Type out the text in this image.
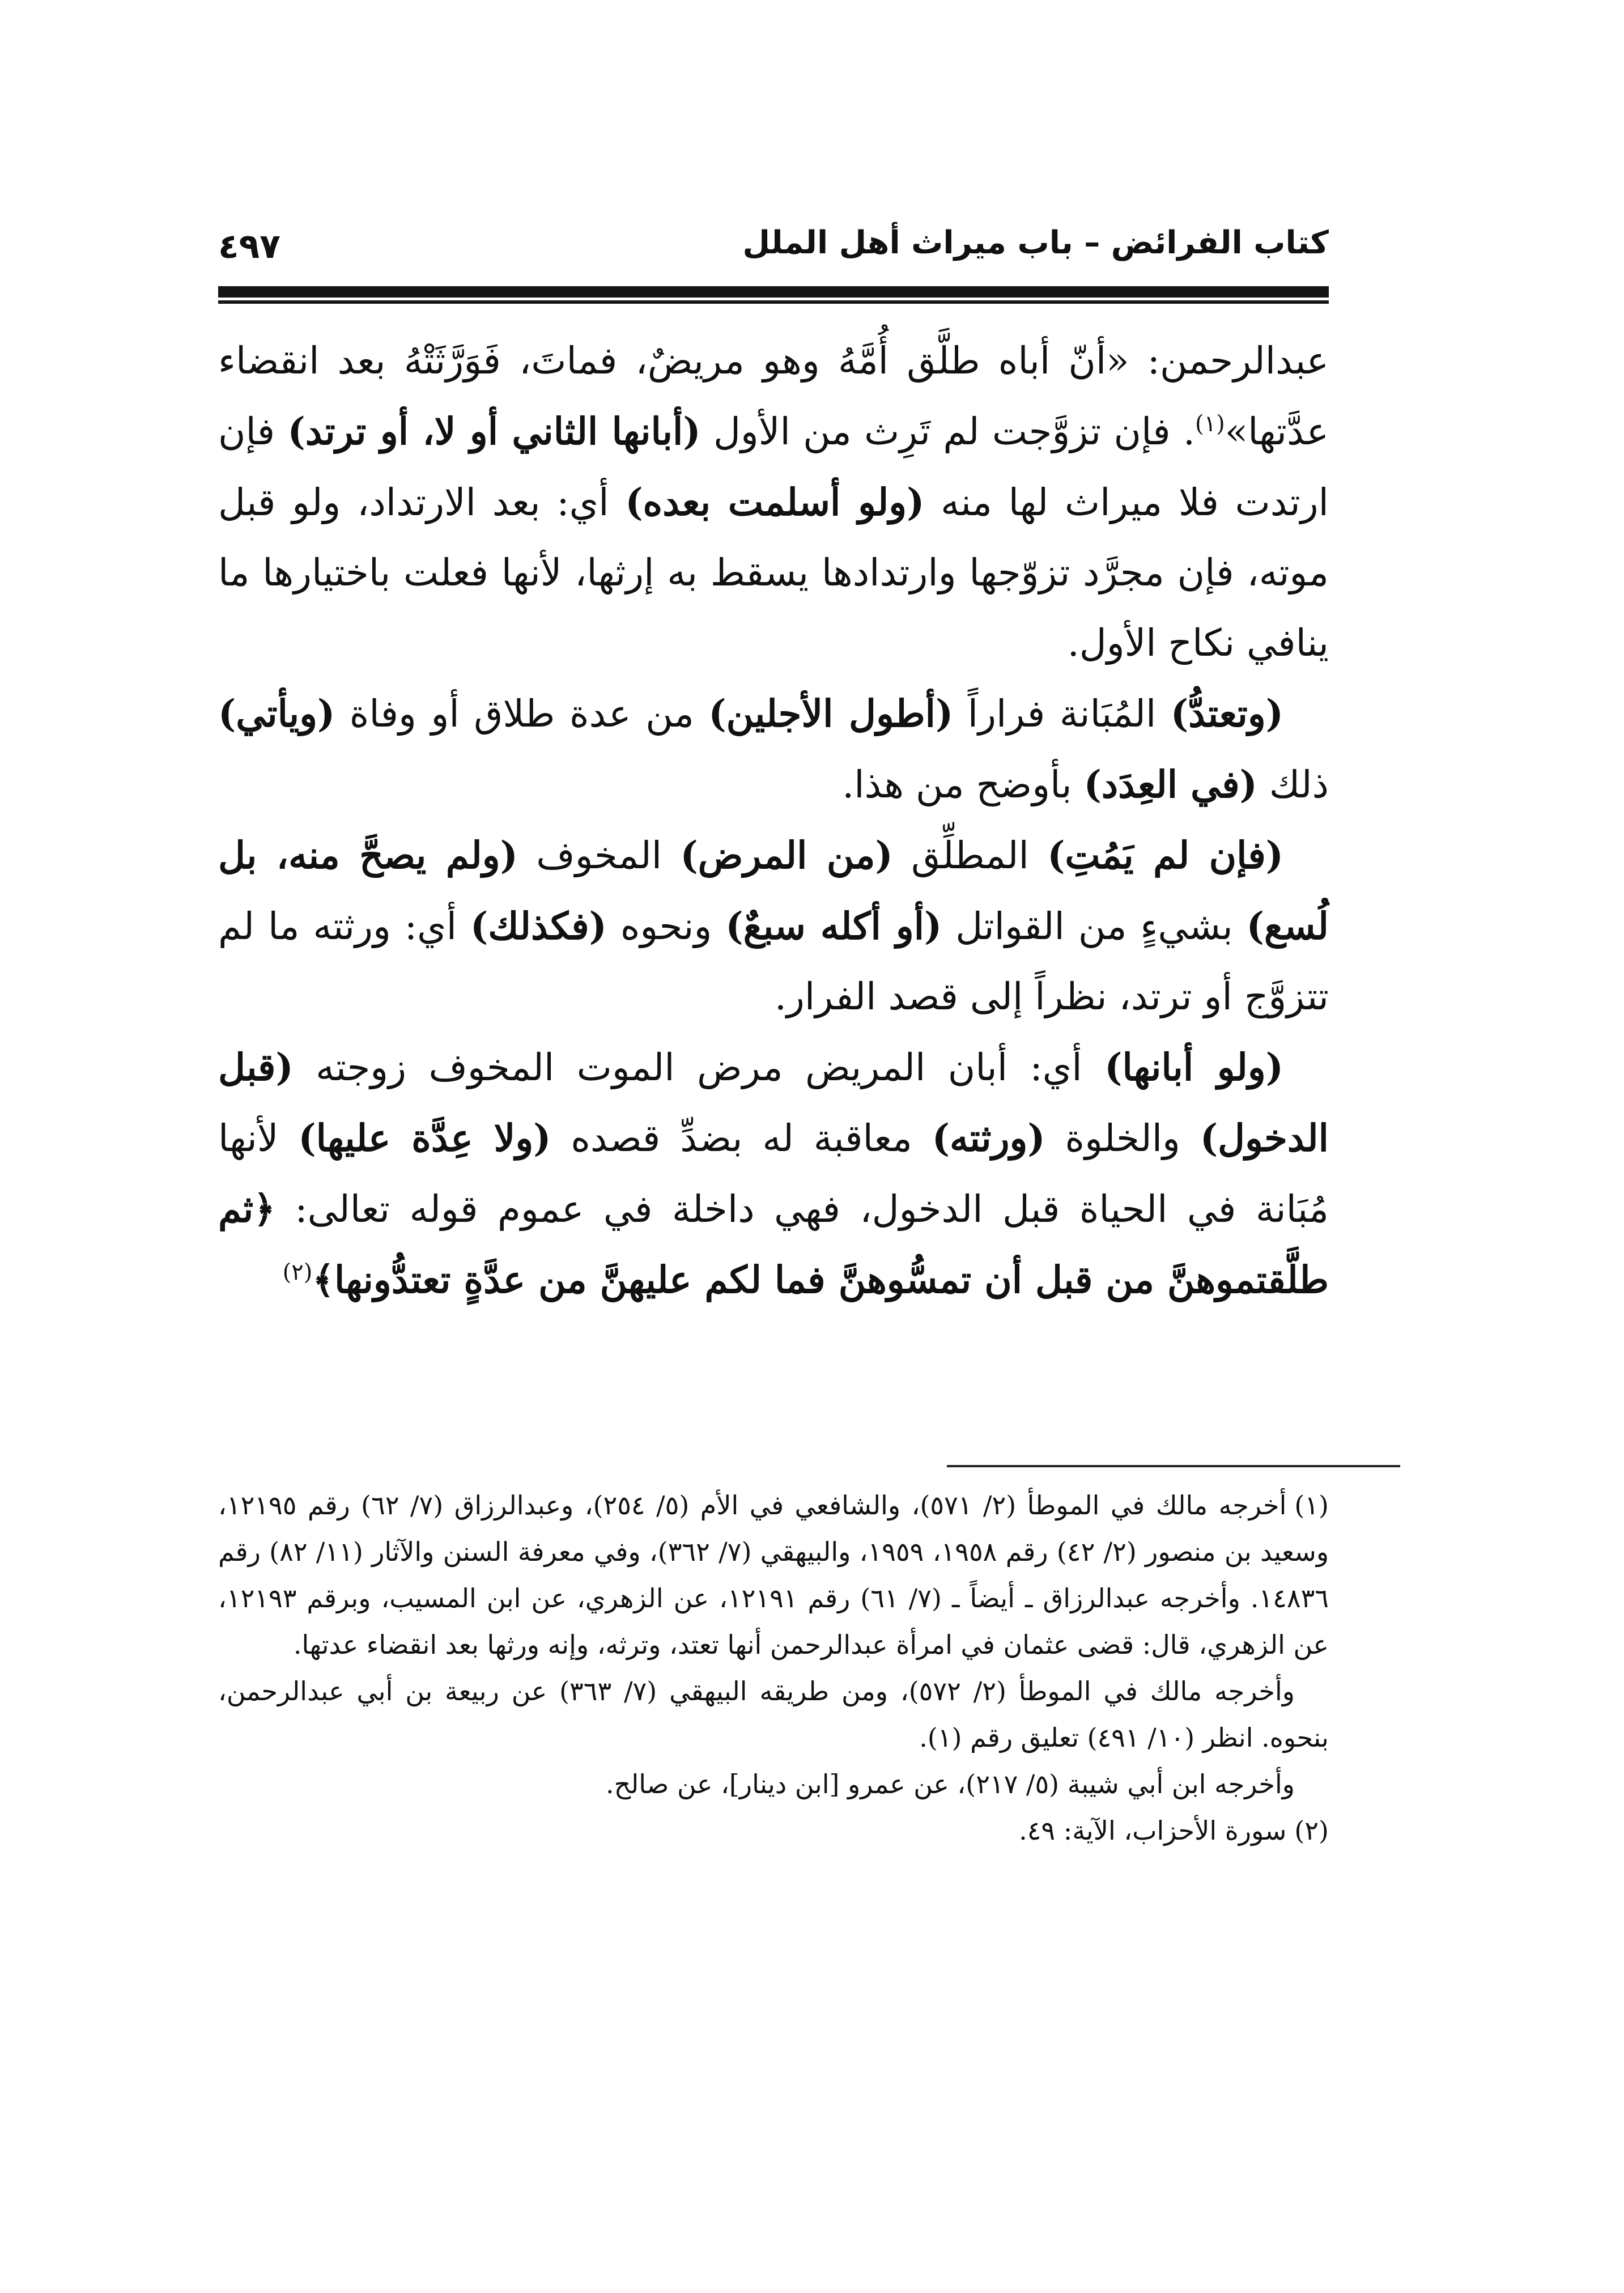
كتاب الفرائض – باب ميراث أهل الملل
٤٩٧

عبدالرحمن: «أنّ أباه طلَّق أُمَّهُ وهو مريضٌ، فماتَ، فَوَرَّثَتْهُ بعد انقضاء عدَّتها»$^{(١)}$. فإن تزوَّجت لم تَرِث من الأول (أبانها الثاني أو لا، أو ترتد) فإن ارتدت فلا ميراث لها منه (ولو أسلمت بعده) أي: بعد الارتداد، ولو قبل موته، فإن مجرَّد تزوّجها وارتدادها يسقط به إرثها، لأنها فعلت باختيارها ما ينافي نكاح الأول.

(وتعتدُّ) المُبَانة فراراً (أطول الأجلين) من عدة طلاق أو وفاة (ويأتي) ذلك (في العِدَد) بأوضح من هذا.

(فإن لم يَمُتِ) المطلِّق (من المرض) المخوف (ولم يصحَّ منه، بل لُسع) بشيءٍ من القواتل (أو أكله سبعٌ) ونحوه (فكذلك) أي: ورثته ما لم تتزوَّج أو ترتد، نظراً إلى قصد الفرار.

(ولو أبانها) أي: أبان المريض مرض الموت المخوف زوجته (قبل الدخول) والخلوة (ورثته) معاقبة له بضدِّ قصده (ولا عِدَّة عليها) لأنها مُبَانة في الحياة قبل الدخول، فهي داخلة في عموم قوله تعالى: ﴿ثم طلَّقتموهنَّ من قبل أن تمسُّوهنَّ فما لكم عليهنَّ من عدَّةٍ تعتدُّونها﴾$^{(٢)}$

(١)أخرجه مالك في الموطأ (٢/ ٥٧١)، والشافعي في الأم (٥/ ٢٥٤)، وعبدالرزاق (٧/ ٦٢) رقم ١٢١٩٥، وسعيد بن منصور (٢/ ٤٢) رقم ١٩٥٨، ١٩٥٩، والبيهقي (٧/ ٣٦٢)، وفي معرفة السنن والآثار (١١/ ٨٢) رقم ١٤٨٣٦. وأخرجه عبدالرزاق ـ أيضاً ـ (٧/ ٦١) رقم ١٢١٩١، عن الزهري، عن ابن المسيب، وبرقم ١٢١٩٣، عن الزهري، قال: قضى عثمان في امرأة عبدالرحمن أنها تعتد، وترثه، وإنه ورثها بعد انقضاء عدتها.

وأخرجه مالك في الموطأ (٢/ ٥٧٢)، ومن طريقه البيهقي (٧/ ٣٦٣) عن ربيعة بن أبي عبدالرحمن، بنحوه. انظر (١٠/ ٤٩١) تعليق رقم (١).

وأخرجه ابن أبي شيبة (٥/ ٢١٧)، عن عمرو [ابن دينار]، عن صالح.

(٢)سورة الأحزاب، الآية: ٤٩.
